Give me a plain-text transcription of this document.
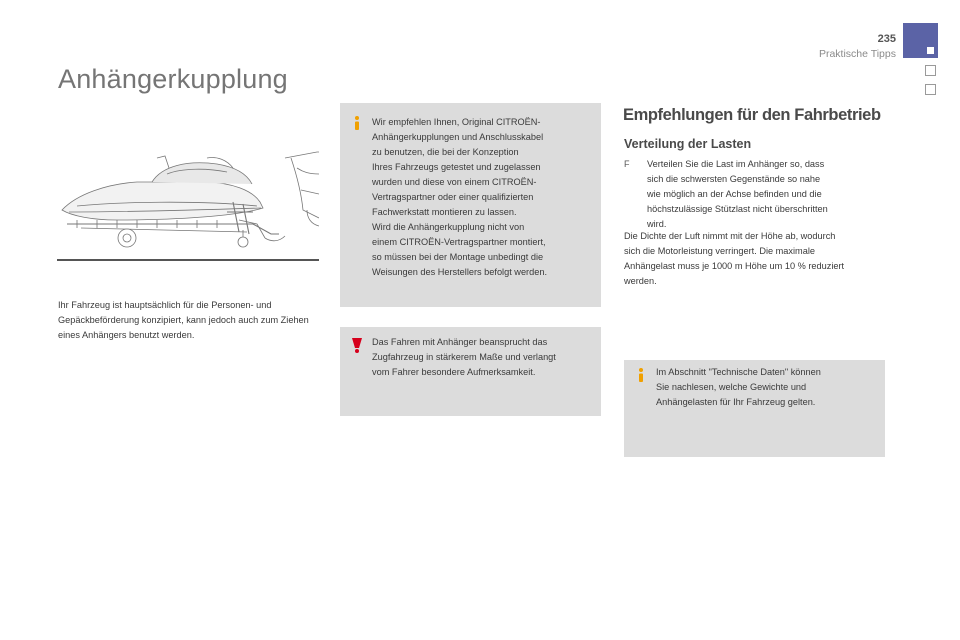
235
Praktische Tipps
Anhängerkupplung
Ihr Fahrzeug ist hauptsächlich für die Personen- und Gepäckbeförderung konzipiert, kann jedoch auch zum Ziehen eines Anhängers benutzt werden.
Wir empfehlen Ihnen, Original CITROËN-
Anhängerkupplungen und Anschlusskabel
zu benutzen, die bei der Konzeption
Ihres Fahrzeugs getestet und zugelassen
wurden und diese von einem CITROËN-
Vertragspartner oder einer qualifizierten
Fachwerkstatt montieren zu lassen.
Wird die Anhängerkupplung nicht von
einem CITROËN-Vertragspartner montiert,
so müssen bei der Montage unbedingt die
Weisungen des Herstellers befolgt werden.
Das Fahren mit Anhänger beansprucht das
Zugfahrzeug in stärkerem Maße und verlangt
vom Fahrer besondere Aufmerksamkeit.
Empfehlungen für den Fahrbetrieb
Verteilung der Lasten
F Verteilen Sie die Last im Anhänger so, dass
sich die schwersten Gegenstände so nahe
wie möglich an der Achse befinden und die
höchstzulässige Stützlast nicht überschritten
wird.
Die Dichte der Luft nimmt mit der Höhe ab, wodurch
sich die Motorleistung verringert. Die maximale
Anhängelast muss je 1000 m Höhe um 10 % reduziert
werden.
Im Abschnitt "Technische Daten" können
Sie nachlesen, welche Gewichte und
Anhängelasten für Ihr Fahrzeug gelten.
